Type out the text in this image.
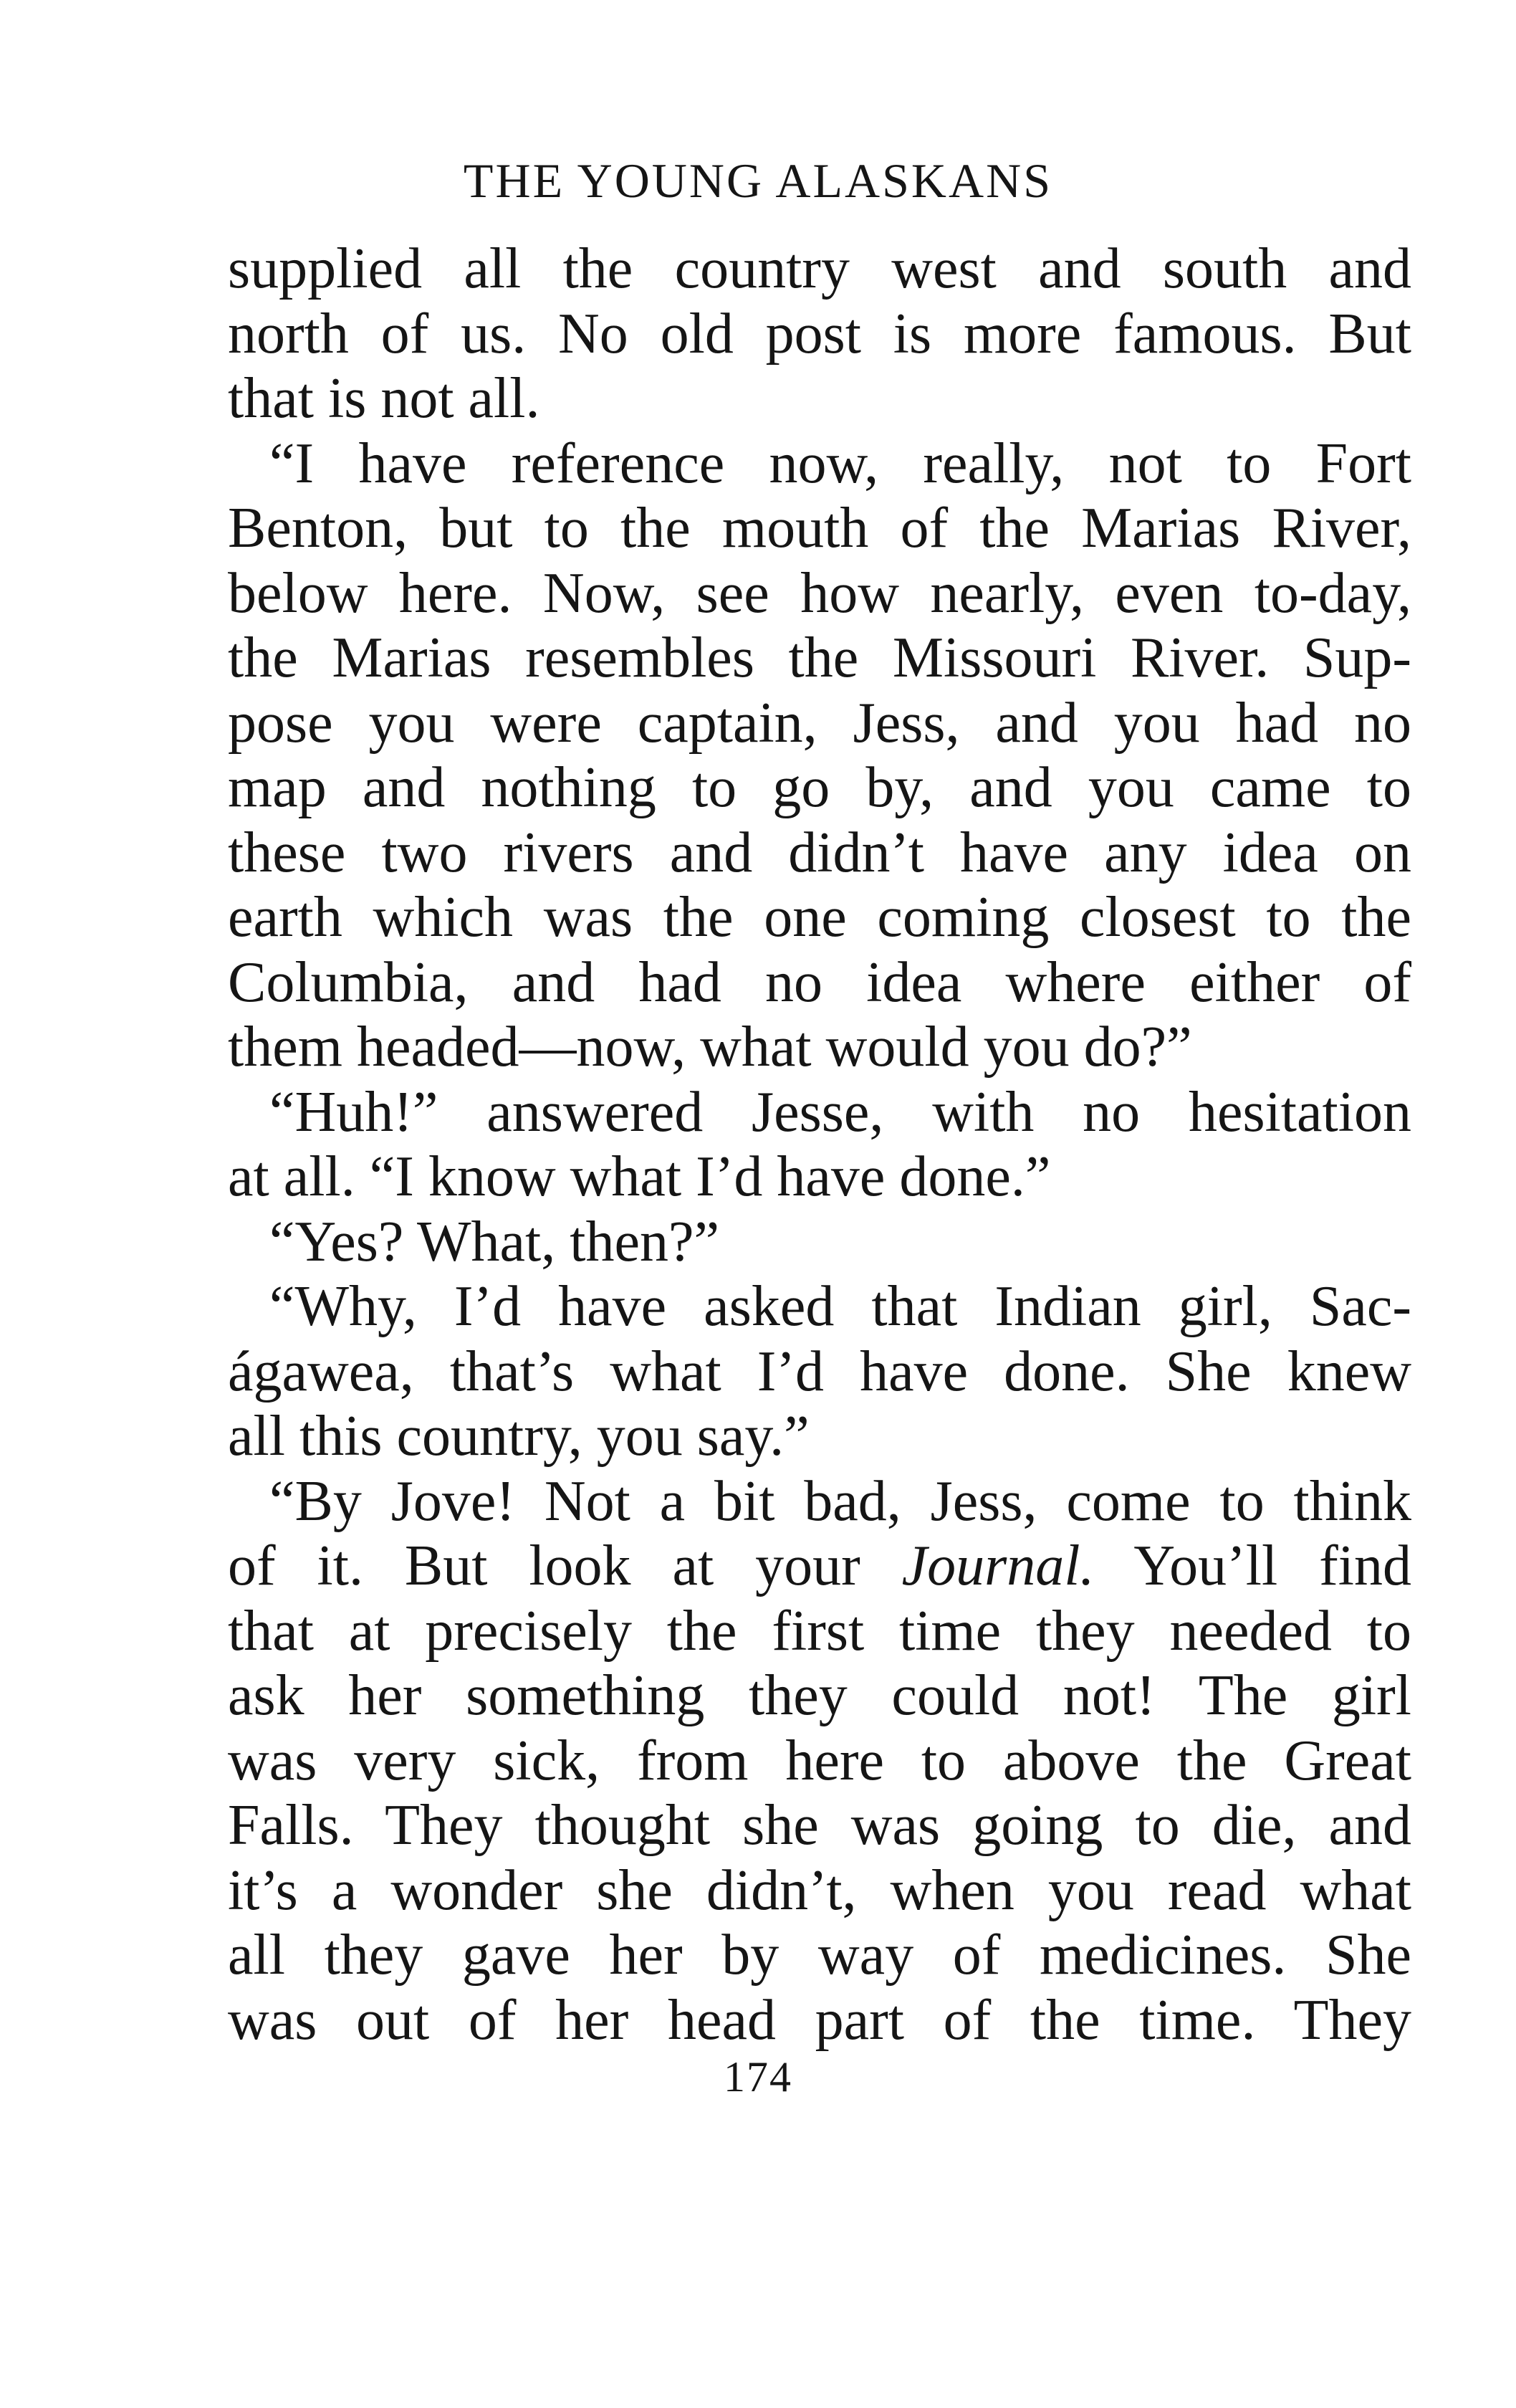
THE YOUNG ALASKANS
supplied all the country west and south and
north of us. No old post is more famous. But
that is not all.
“I have reference now, really, not to Fort
Benton, but to the mouth of the Marias River,
below here. Now, see how nearly, even to-day,
the Marias resembles the Missouri River. Sup-
pose you were captain, Jess, and you had no
map and nothing to go by, and you came to
these two rivers and didn’t have any idea on
earth which was the one coming closest to the
Columbia, and had no idea where either of
them headed—now, what would you do?”
“Huh!” answered Jesse, with no hesitation
at all. “I know what I’d have done.”
“Yes? What, then?”
“Why, I’d have asked that Indian girl, Sac-
ágawea, that’s what I’d have done. She knew
all this country, you say.”
“By Jove! Not a bit bad, Jess, come to think
of it. But look at your Journal. You’ll find
that at precisely the first time they needed to
ask her something they could not! The girl
was very sick, from here to above the Great
Falls. They thought she was going to die, and
it’s a wonder she didn’t, when you read what
all they gave her by way of medicines. She
was out of her head part of the time. They
174
